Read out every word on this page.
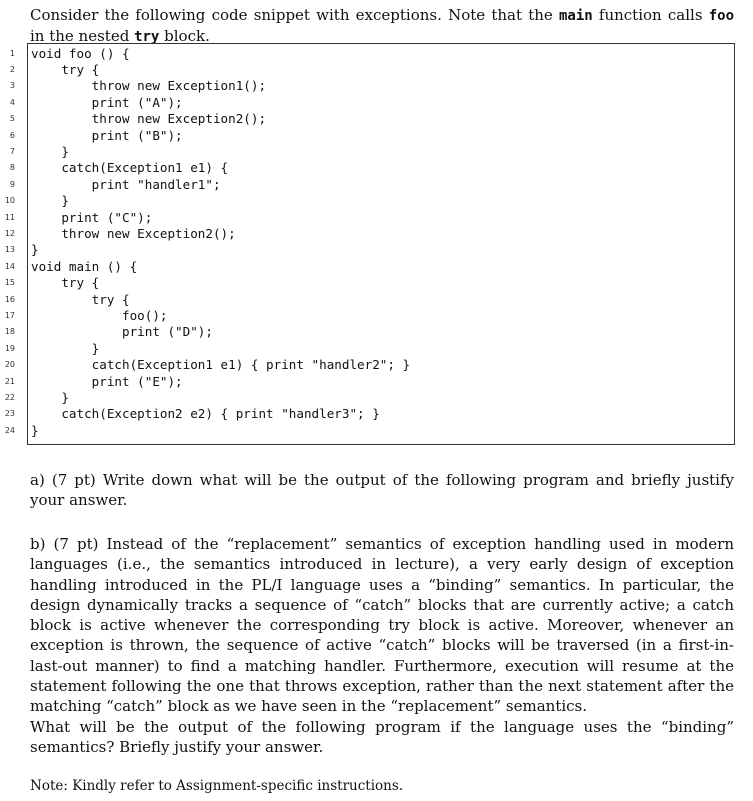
Consider the following code snippet with exceptions. Note that the main function calls foo in the nested try block.
1 void foo () {
2 try {
3 throw new Exception1();
4 print ("A");
5 throw new Exception2();
6 print ("B");
7 }
8 catch(Exception1 e1) {
9 print "handler1";
10 }
11 print ("C");
12 throw new Exception2();
13 }
14 void main () {
15 try {
16 try {
17 foo();
18 print ("D");
19 }
20 catch(Exception1 e1) { print "handler2"; }
21 print ("E");
22 }
23 catch(Exception2 e2) { print "handler3"; }
24 }
a) (7 pt) Write down what will be the output of the following program and briefly justify your answer.
b) (7 pt) Instead of the “replacement” semantics of exception handling used in modern languages (i.e., the semantics introduced in lecture), a very early design of exception handling introduced in the PL/I language uses a “binding” semantics. In particular, the design dynamically tracks a sequence of “catch” blocks that are currently active; a catch block is active whenever the corresponding try block is active. Moreover, whenever an exception is thrown, the sequence of active “catch” blocks will be traversed (in a first-in-last-out manner) to find a matching handler. Furthermore, execution will resume at the statement following the one that throws exception, rather than the next statement after the matching “catch” block as we have seen in the “replacement” semantics.
What will be the output of the following program if the language uses the “binding” semantics? Briefly justify your answer.
Note: Kindly refer to Assignment-specific instructions.
